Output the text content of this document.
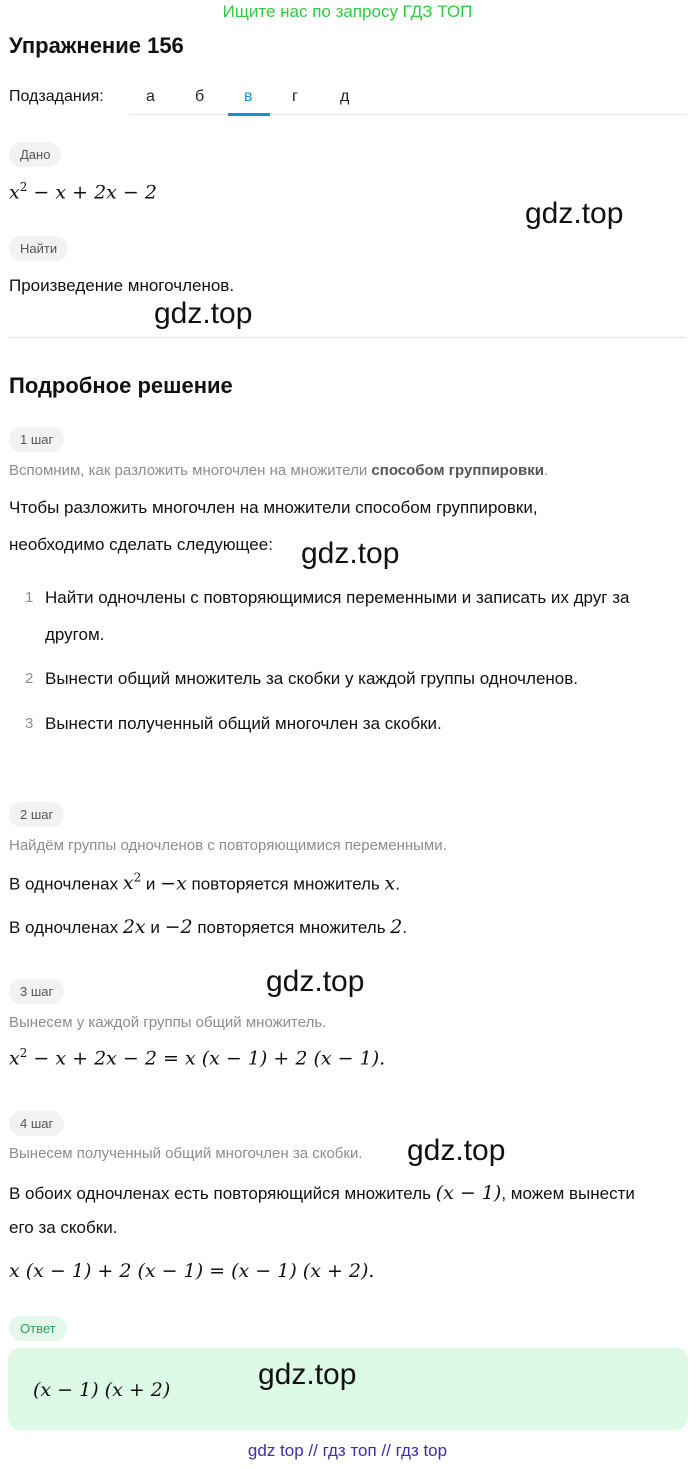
Ищите нас по запросу ГДЗ ТОП
Упражнение 156
Подзадания:	а	б в г	д
Дано
$x^2 - x + 2x - 2$
Найти
Произведение многочленов.
Подробное решение
1 шаг
Вспомним, как разложить многочлен на множители способом группировки.
Чтобы разложить многочлен на множители способом группировки,
необходимо сделать следующее:
1 Найти одночлены с повторяющимися переменными и записать их друг за
другом.
2 Вынести общий множитель за скобки у каждой группы одночленов.
3 Вынести полученный общий многочлен за скобки.
2 шаг
Найдём группы одночленов с повторяющимися переменными.
В одночленах $x^2$ и −x повторяется множитель x.
В одночленах 2x и −2 повторяется множитель 2.
3 шаг
Вынесем у каждой группы общий множитель.
$x^2 - x + 2x - 2 = x$ (x − 1) + 2 (x − 1).
4 шаг
Вынесем полученный общий многочлен за скобки.
В обоих одночленах есть повторяющийся множитель (x − 1), можем вынести
его за скобки.
x (x − 1) + 2 (x − 1) = (x − 1) (x + 2).
Ответ
(x − 1) (x + 2)
gdz.top
gdz.top
gdz.top
gdz.top
gdz.top
gdz.top
gdz top // гдз топ // гдз top
